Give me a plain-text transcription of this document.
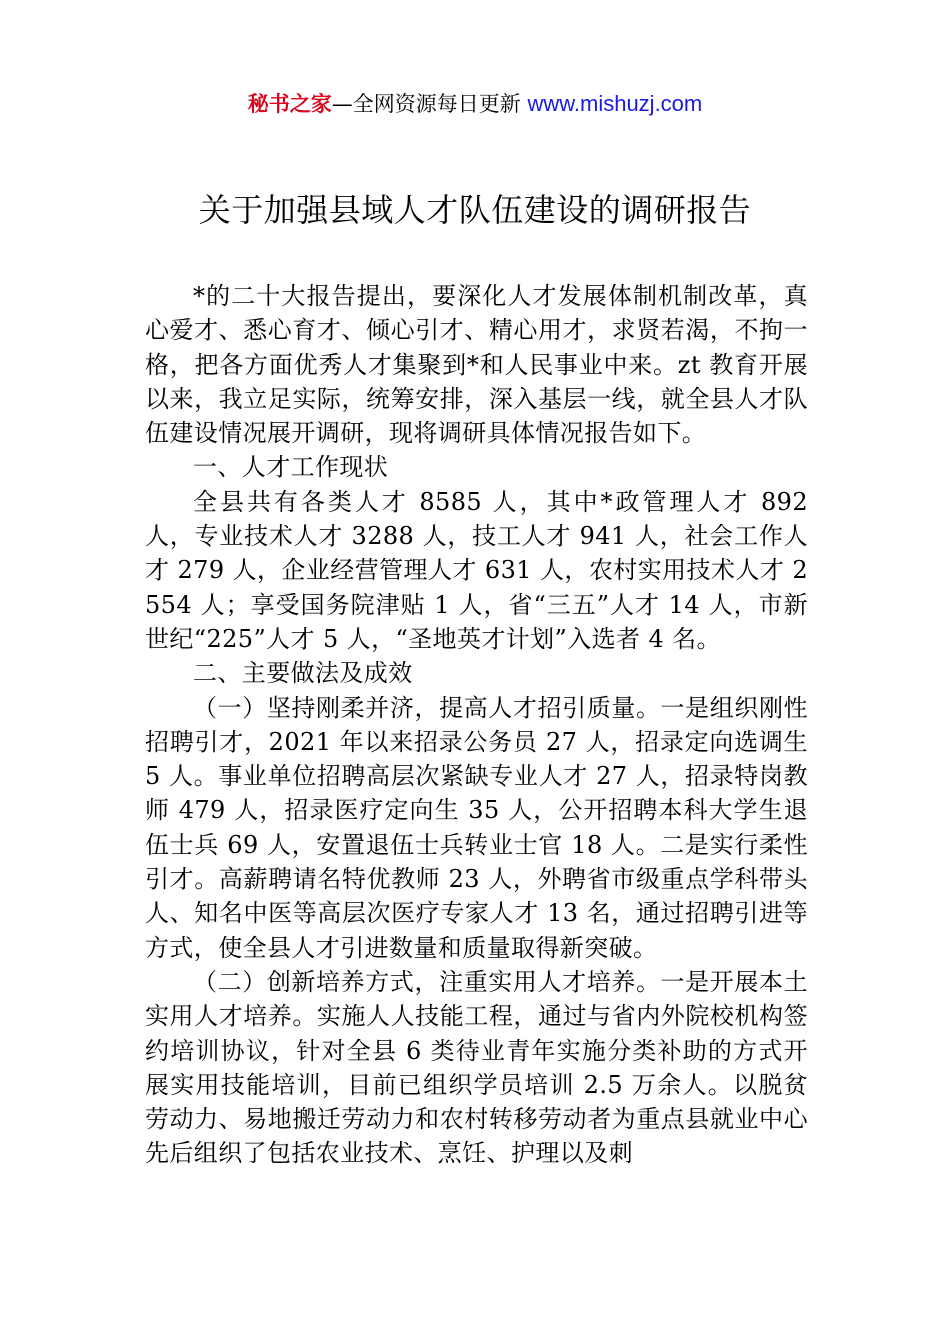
秘书之家—全网资源每日更新 www.mishuzj.com
关于加强县域人才队伍建设的调研报告

*的二十大报告提出，要深化人才发展体制机制改革，真心爱才、悉心育才、倾心引才、精心用才，求贤若渴，不拘一格，把各方面优秀人才集聚到*和人民事业中来。zt 教育开展以来，我立足实际，统筹安排，深入基层一线，就全县人才队伍建设情况展开调研，现将调研具体情况报告如下。

一、人才工作现状

全县共有各类人才 8585 人，其中*政管理人才 892 人，专业技术人才 3288 人，技工人才 941 人，社会工作人才 279 人，企业经营管理人才 631 人，农村实用技术人才 2554 人；享受国务院津贴 1 人，省“三五”人才 14 人，市新世纪“225”人才 5 人，“圣地英才计划”入选者 4 名。

二、主要做法及成效

（一）坚持刚柔并济，提高人才招引质量。一是组织刚性招聘引才，2021 年以来招录公务员 27 人，招录定向选调生 5 人。事业单位招聘高层次紧缺专业人才 27 人，招录特岗教师 479 人，招录医疗定向生 35 人，公开招聘本科大学生退伍士兵 69 人，安置退伍士兵转业士官 18 人。二是实行柔性引才。高薪聘请名特优教师 23 人，外聘省市级重点学科带头人、知名中医等高层次医疗专家人才 13 名，通过招聘引进等方式，使全县人才引进数量和质量取得新突破。

（二）创新培养方式，注重实用人才培养。一是开展本土实用人才培养。实施人人技能工程，通过与省内外院校机构签约培训协议，针对全县 6 类待业青年实施分类补助的方式开展实用技能培训，目前已组织学员培训 2.5 万余人。以脱贫劳动力、易地搬迁劳动力和农村转移劳动者为重点县就业中心先后组织了包括农业技术、烹饪、护理以及刺
